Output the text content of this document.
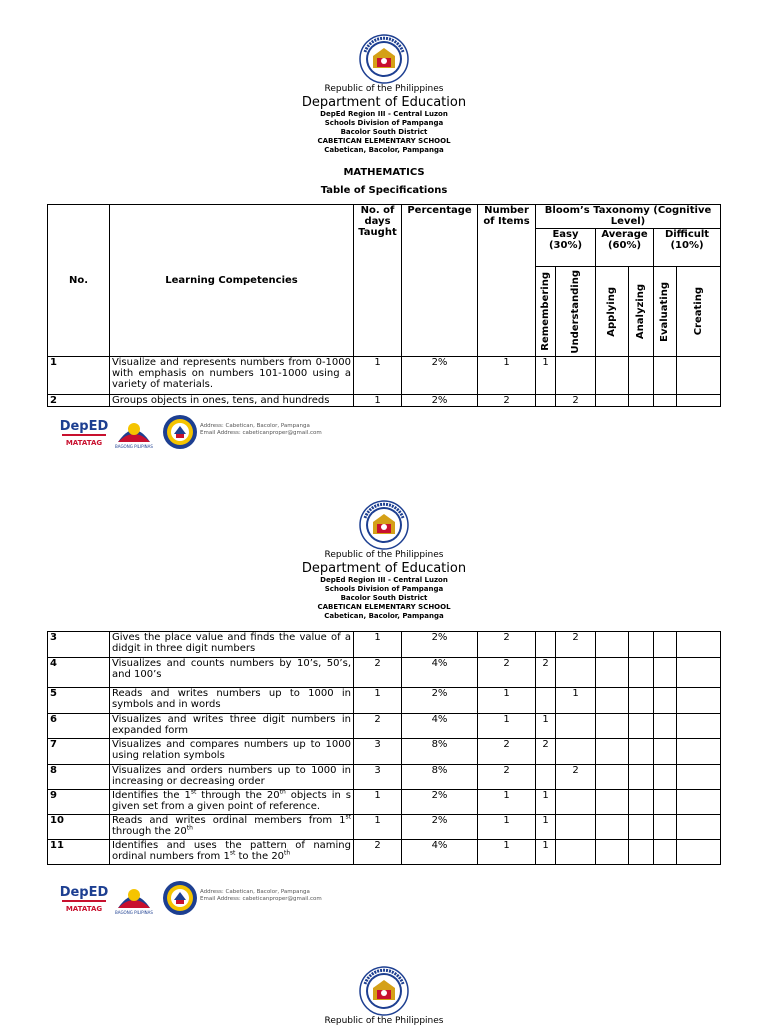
Republic of the Philippines
Department of Education
DepEd Region III - Central Luzon
Schools Division of Pampanga
Bacolor South District
CABETICAN ELEMENTARY SCHOOL
Cabetican, Bacolor, Pampanga
MATHEMATICS
Table of Specifications
No.	Learning Competencies	No. of days Taught	Percentage	Number of Items	Bloom’s Taxonomy (Cognitive Level)					
					Easy (30%)		Average (60%)		Difficult (10%)	

					Remembering	Understanding	Applying	Analyzing	Evaluating	Creating

1	Visualize and represents numbers from 0-1000 with emphasis on numbers 101-1000 using a variety of materials.	1	2%	1	1					
2	Groups objects in ones, tens, and hundreds	1	2%	2		2				
Address: Cabetican, Bacolor, Pampanga
Email Address: cabeticanproper@gmail.com
Republic of the Philippines
Department of Education
DepEd Region III - Central Luzon
Schools Division of Pampanga
Bacolor South District
CABETICAN ELEMENTARY SCHOOL
Cabetican, Bacolor, Pampanga
3	Gives the place value and finds the value of a didgit in three digit numbers	1	2%	2		2				
4	Visualizes and counts numbers by 10’s, 50’s, and 100’s	2	4%	2	2					
5	Reads and writes numbers up to 1000 in symbols and in words	1	2%	1		1				
6	Visualizes and writes three digit numbers in expanded form	2	4%	1	1					
7	Visualizes and compares numbers up to 1000 using relation symbols	3	8%	2	2					
8	Visualizes and orders numbers up to 1000 in increasing or decreasing order	3	8%	2		2				
9	Identifies the 1st through the 20th objects in s given set from a given point of reference.	1	2%	1	1					
10	Reads and writes ordinal members from 1st through the 20th	1	2%	1	1					
11	Identifies and uses the pattern of naming ordinal numbers from 1st to the 20th	2	4%	1	1					
Address: Cabetican, Bacolor, Pampanga
Email Address: cabeticanproper@gmail.com
Republic of the Philippines
